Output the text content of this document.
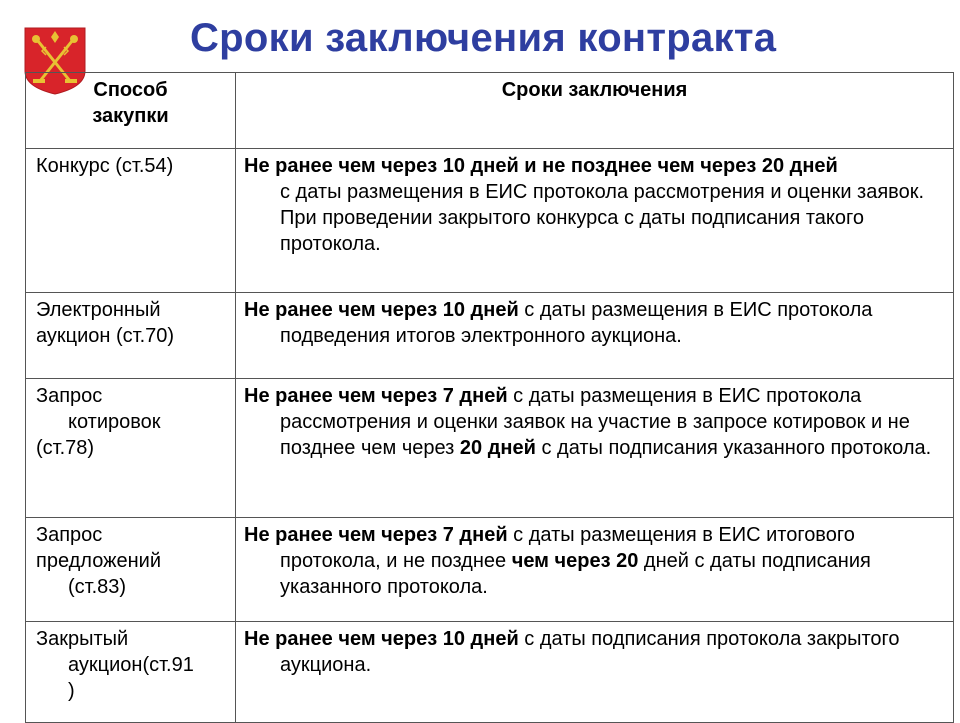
Сроки заключения контракта
Способ
закупки	Сроки заключения

Конкурс (ст.54)	Не ранее чем через 10 дней и не позднее чем через 20 дней
с даты размещения в ЕИС протокола рассмотрения и оценки заявок. При проведении закрытого конкурса с даты подписания такого протокола.

Электронный
аукцион (ст.70)	Не ранее чем через 10 дней с даты размещения в ЕИС протокола подведения итогов электронного аукциона.

Запрос
котировок
(ст.78)	Не ранее чем через 7 дней с даты размещения в ЕИС протокола рассмотрения и оценки заявок на участие в запросе котировок и не позднее чем через 20 дней с даты подписания указанного протокола.

Запрос
предложений
(ст.83)	Не ранее чем через 7 дней с даты размещения в ЕИС итогового протокола, и не позднее чем через 20 дней с даты подписания указанного протокола.

Закрытый
аукцион(ст.91
)	Не ранее чем через 10 дней с даты подписания протокола закрытого аукциона.
